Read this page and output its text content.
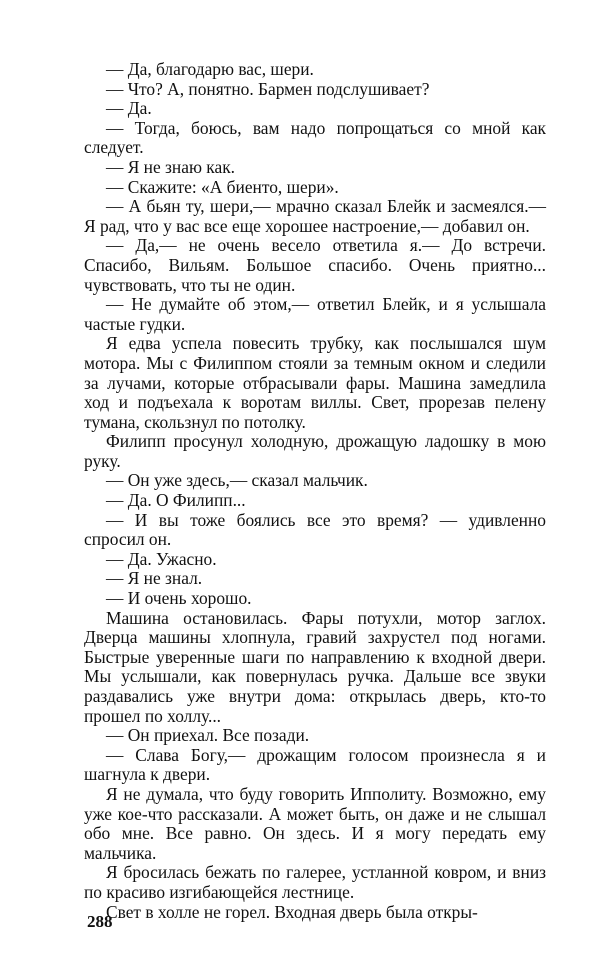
— Да, благодарю вас, шери.

— Что? А, понятно. Бармен подслушивает?

— Да.

— Тогда, боюсь, вам надо попрощаться со мной как следует.

— Я не знаю как.

— Скажите: «А биенто, шери».

— А бьян ту, шери,— мрачно сказал Блейк и засмеялся.— Я рад, что у вас все еще хорошее настроение,— добавил он.

— Да,— не очень весело ответила я.— До встречи. Спасибо, Вильям. Большое спасибо. Очень приятно... чувствовать, что ты не один.

— Не думайте об этом,— ответил Блейк, и я услышала частые гудки.

Я едва успела повесить трубку, как послышался шум мотора. Мы с Филиппом стояли за темным окном и следили за лучами, которые отбрасывали фары. Машина замедлила ход и подъехала к воротам виллы. Свет, прорезав пелену тумана, скользнул по потолку.

Филипп просунул холодную, дрожащую ладошку в мою руку.

— Он уже здесь,— сказал мальчик.

— Да. О Филипп...

— И вы тоже боялись все это время? — удивленно спросил он.

— Да. Ужасно.

— Я не знал.

— И очень хорошо.

Машина остановилась. Фары потухли, мотор заглох. Дверца машины хлопнула, гравий захрустел под ногами. Быстрые уверенные шаги по направлению к входной двери. Мы услышали, как повернулась ручка. Дальше все звуки раздавались уже внутри дома: открылась дверь, кто-то прошел по холлу...

— Он приехал. Все позади.

— Слава Богу,— дрожащим голосом произнесла я и шагнула к двери.

Я не думала, что буду говорить Ипполиту. Возможно, ему уже кое-что рассказали. А может быть, он даже и не слышал обо мне. Все равно. Он здесь. И я могу передать ему мальчика.

Я бросилась бежать по галерее, устланной ковром, и вниз по красиво изгибающейся лестнице.

Свет в холле не горел. Входная дверь была откры-

288
